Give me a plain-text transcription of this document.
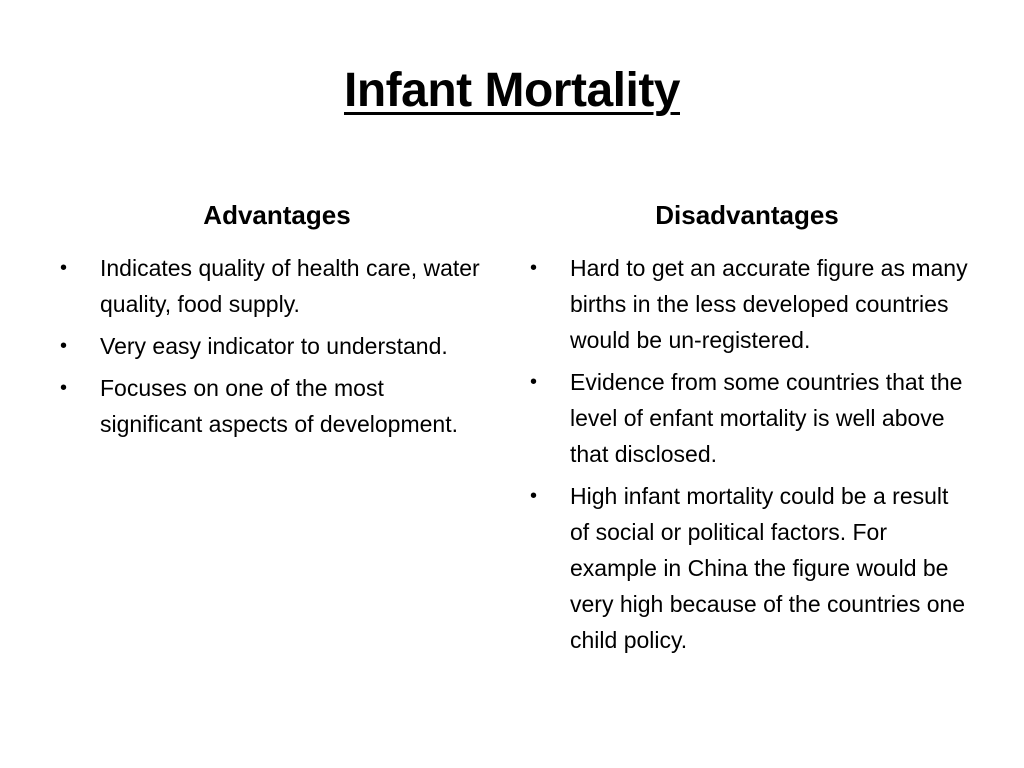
Infant Mortality
Advantages	Disadvantages
•	Indicates quality of health care, water quality, food supply.
•	Very easy indicator to understand.
•	Focuses on one of the most significant aspects of development.
•	Hard to get an accurate figure as many births in the less developed countries would be un-registered.
•	Evidence from some countries that the level of enfant mortality is well above that disclosed.
•	High infant mortality could be a result of social or political factors. For example in China the figure would be very high because of the countries one child policy.
